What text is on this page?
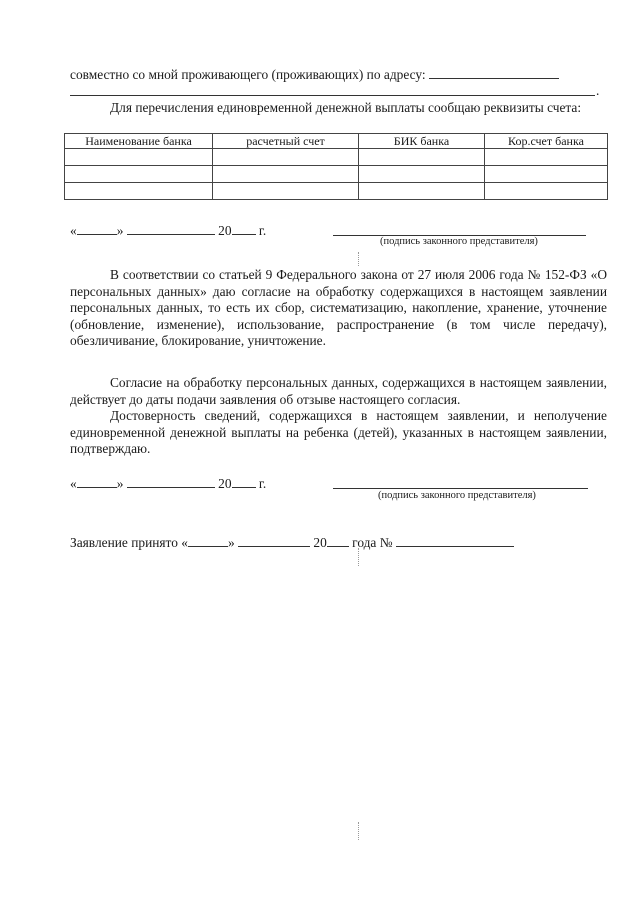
совместно со мной проживающего (проживающих) по адресу:
.
Для перечисления единовременной денежной выплаты сообщаю реквизиты счета:
Наименование банка	расчетный счет	БИК банка	Кор.счет банка

«	»	20 г.
(подпись законного представителя)
В соответствии со статьей 9 Федерального закона от 27 июля 2006 года № 152-ФЗ «О персональных данных» даю согласие на обработку содержащихся в настоящем заявлении персональных данных, то есть их сбор, систематизацию, накопление, хранение, уточнение (обновление, изменение), использование, распространение (в том числе передачу), обезличивание, блокирование, уничтожение.
Согласие на обработку персональных данных, содержащихся в настоящем заявлении, действует до даты подачи заявления об отзыве настоящего согласия.
Достоверность сведений, содержащихся в настоящем заявлении, и неполучение единовременной денежной выплаты на ребенка (детей), указанных в настоящем заявлении, подтверждаю.
«	»	20 г.
(подпись законного представителя)
Заявление принято «	»	20 года №
